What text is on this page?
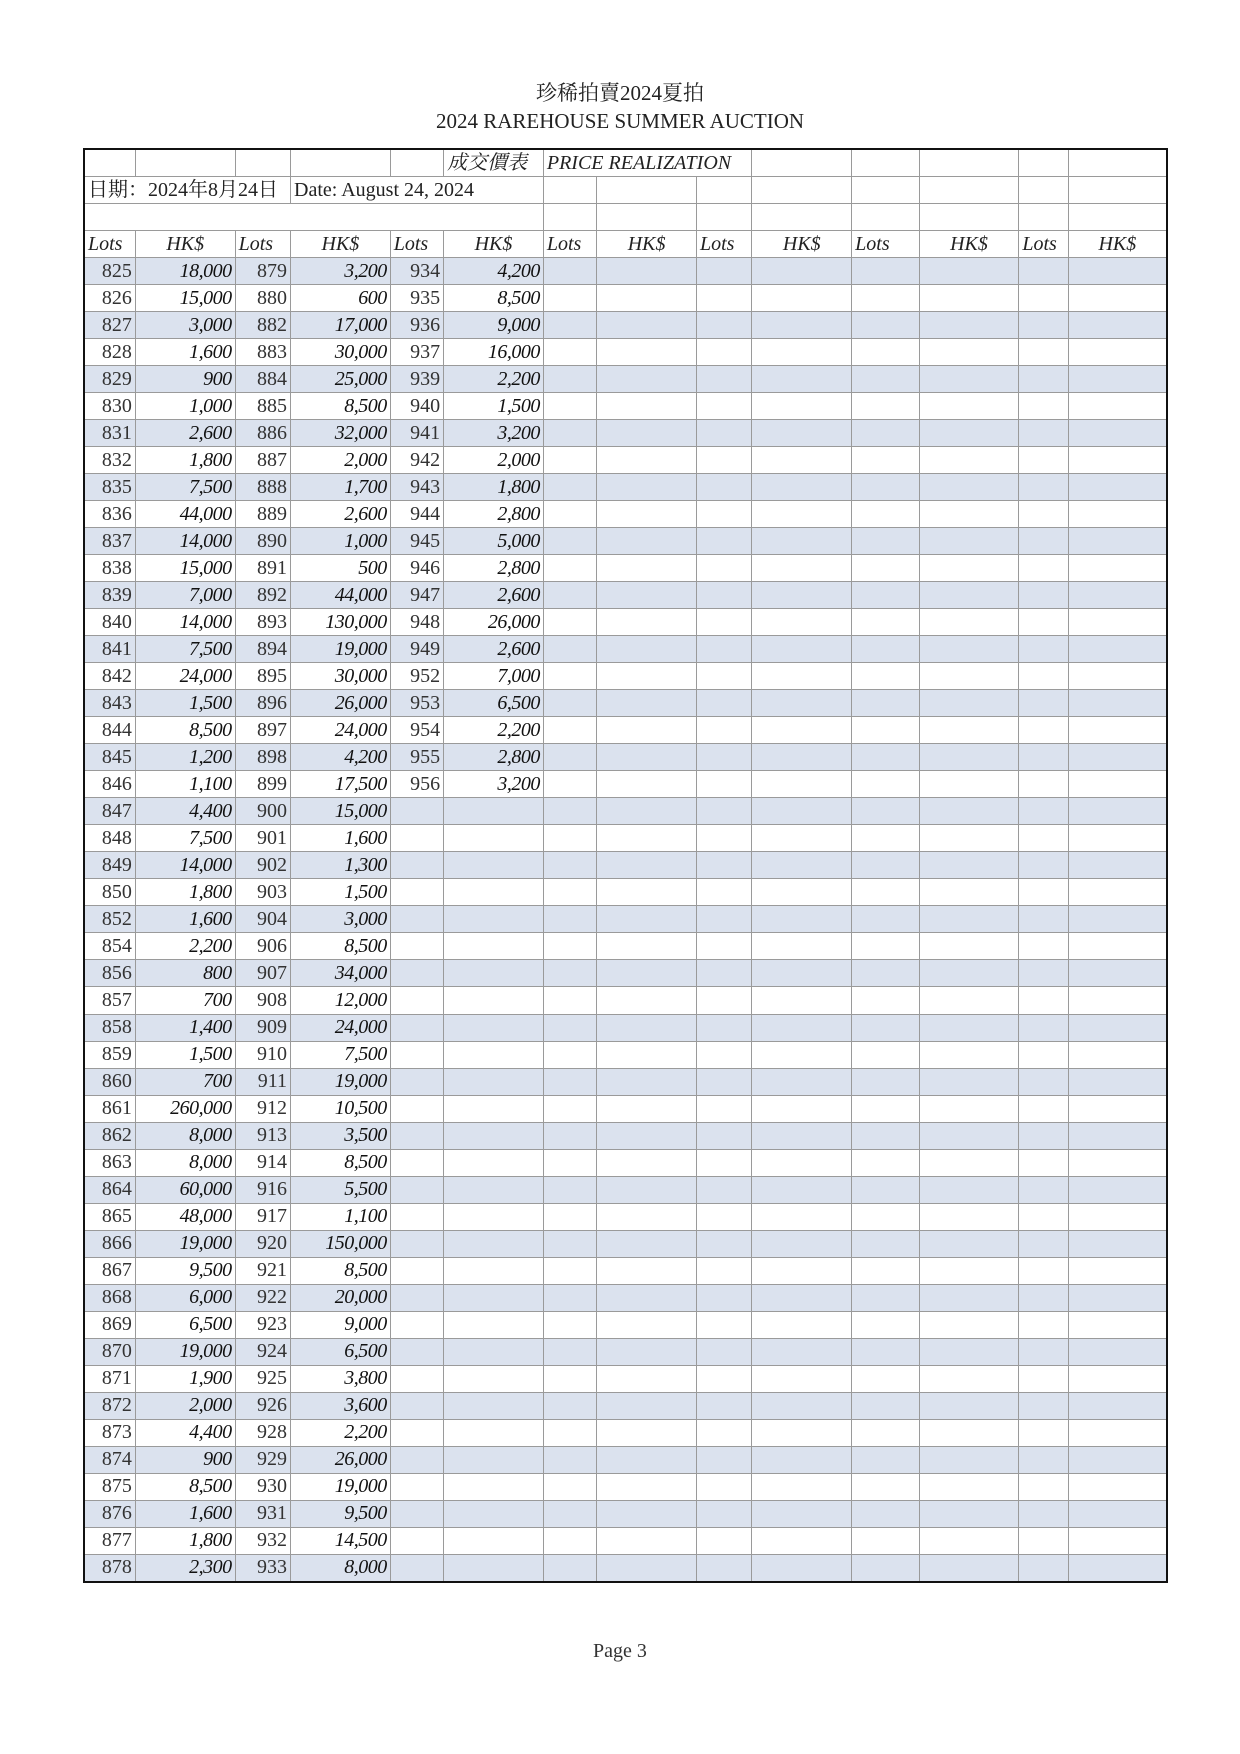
珍稀拍賣2024夏拍
2024 RAREHOUSE SUMMER AUCTION
					成交價表	PRICE REALIZATION							
日期：2024年8月24日			Date: August 24, 2024										

Lots	HK$	Lots	HK$	Lots	HK$	Lots	HK$	Lots	HK$	Lots	HK$	Lots	HK$
825	18,000	879	3,200	934	4,200								
826	15,000	880	600	935	8,500								
827	3,000	882	17,000	936	9,000								
828	1,600	883	30,000	937	16,000								
829	900	884	25,000	939	2,200								
830	1,000	885	8,500	940	1,500								
831	2,600	886	32,000	941	3,200								
832	1,800	887	2,000	942	2,000								
835	7,500	888	1,700	943	1,800								
836	44,000	889	2,600	944	2,800								
837	14,000	890	1,000	945	5,000								
838	15,000	891	500	946	2,800								
839	7,000	892	44,000	947	2,600								
840	14,000	893	130,000	948	26,000								
841	7,500	894	19,000	949	2,600								
842	24,000	895	30,000	952	7,000								
843	1,500	896	26,000	953	6,500								
844	8,500	897	24,000	954	2,200								
845	1,200	898	4,200	955	2,800								
846	1,100	899	17,500	956	3,200								
847	4,400	900	15,000										
848	7,500	901	1,600										
849	14,000	902	1,300										
850	1,800	903	1,500										
852	1,600	904	3,000										
854	2,200	906	8,500										
856	800	907	34,000										
857	700	908	12,000										
858	1,400	909	24,000										
859	1,500	910	7,500										
860	700	911	19,000										
861	260,000	912	10,500										
862	8,000	913	3,500										
863	8,000	914	8,500										
864	60,000	916	5,500										
865	48,000	917	1,100										
866	19,000	920	150,000										
867	9,500	921	8,500										
868	6,000	922	20,000										
869	6,500	923	9,000										
870	19,000	924	6,500										
871	1,900	925	3,800										
872	2,000	926	3,600										
873	4,400	928	2,200										
874	900	929	26,000										
875	8,500	930	19,000										
876	1,600	931	9,500										
877	1,800	932	14,500										
878	2,300	933	8,000										
Page 3
